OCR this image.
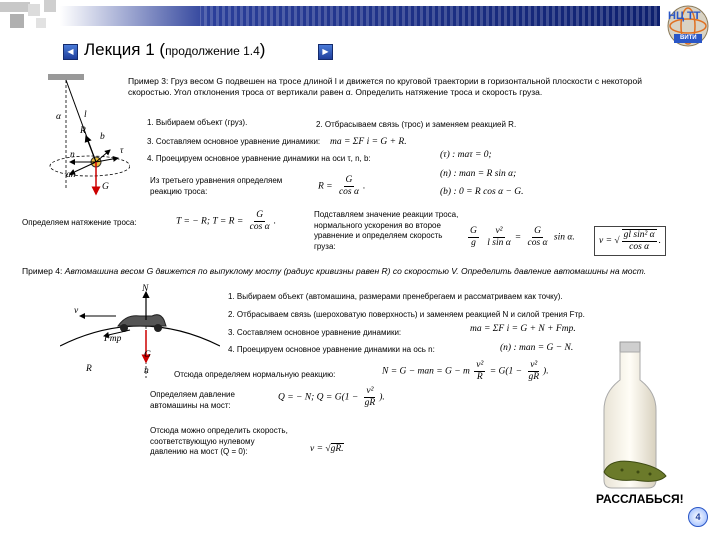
НЦ ТТ
ВИТИ
◀ Лекция 1 (продолжение 1.4)	▶
α l
R
b
τ
n
an
G
Пример 3: Груз весом G подвешен на тросе длиной l и движется по круговой траектории в горизонтальной плоскости с некоторой скоростью. Угол отклонения троса от вертикали равен α. Определить натяжение троса и скорость груза.
1. Выбираем объект (груз).	2. Отбрасываем связь (трос) и заменяем реакцией R.
3. Составляем основное уравнение динамики: ma = ΣF i = G + R.
4. Проецируем основное уравнение динамики на оси τ, n, b:	(τ) : maτ = 0;
(n) : man = R sin α;
(b) : 0 = R cos α − G.
Из третьего уравнения определяем реакцию троса:	$R = \frac{G}{\text{cos α}}$ .
Определяем натяжение троса:	T = − R; $T = R = \frac{G}{\text{cos α}}$ .
Подставляем значение реакции троса, нормального ускорения во второе уравнение и определяем скорость груза:	$\frac{G}{g}$
$\frac{\text{v²}}{\text{l sin α}} = \frac{G}{\text{cos α}}$ sin α.	v = √ $\frac{\text{gl sin² α}}{\text{cos α}}$ .
Пример 4: Автомашина весом G движется по выпуклому мосту (радиус кривизны равен R) со скоростью V. Определить давление автомашины на мост.
N
v
Fтр
G
n
R
1. Выбираем объект (автомашина, размерами пренебрегаем и рассматриваем как точку).
2. Отбрасываем связь (шероховатую поверхность) и заменяем реакцией N и силой трения Fтр.
3. Составляем основное уравнение динамики:	ma = ΣF i = G + N + Fтр.
4. Проецируем основное уравнение динамики на ось n:	(n) : man = G − N.
Отсюда определяем нормальную реакцию:	N = G − man = G − m $\frac{\text{v²}}{R} = G(1 - \frac{\text{v²}}{gR}$ ).
Определяем давление автомашины на мост:
Q = − N; $Q = G(1 - \frac{\text{v²}}{gR}$ ).
Отсюда можно определить скорость, соответствующую нулевому давлению на мост (Q = 0):	v = √gR.
РАССЛАБЬСЯ!
4
